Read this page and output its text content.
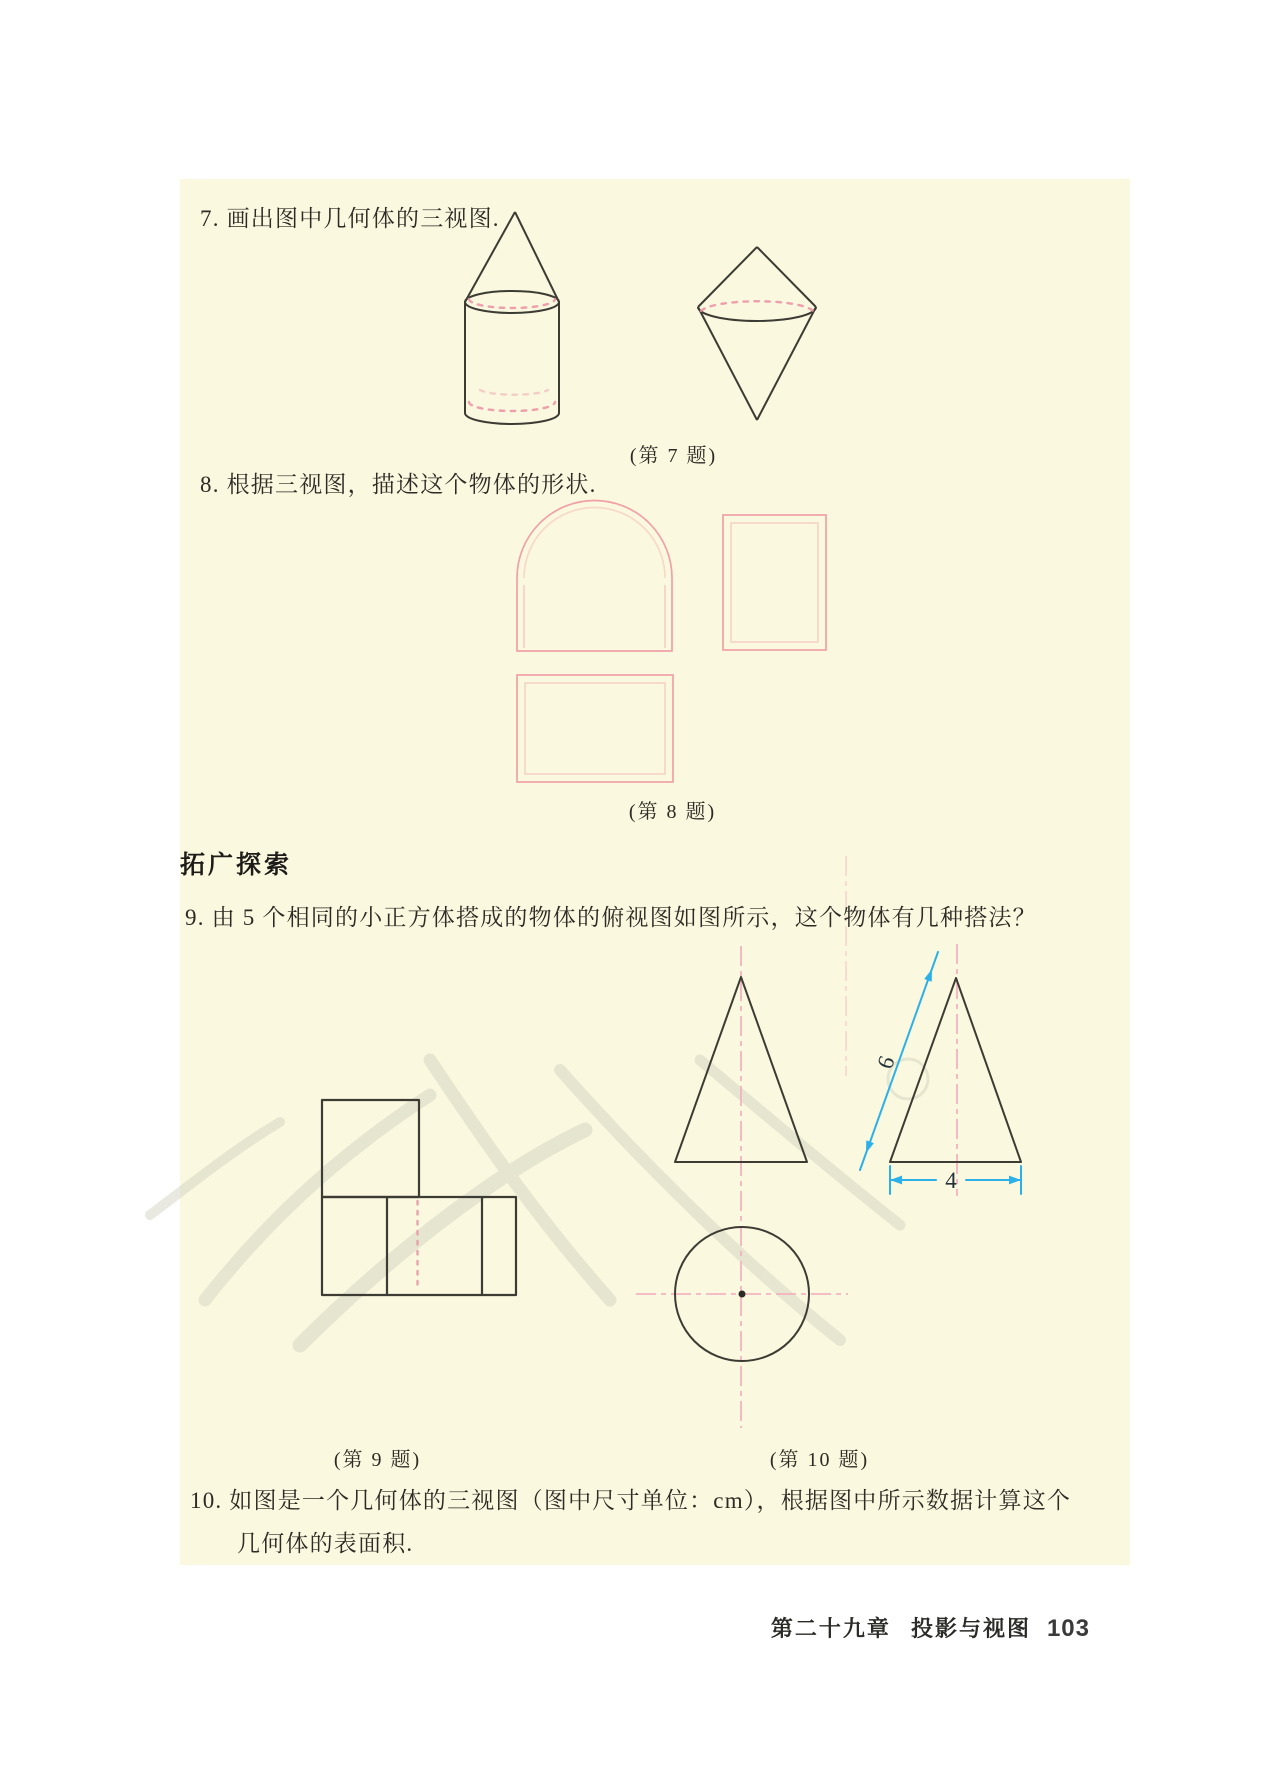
6
4
7. 画出图中几何体的三视图.
(第 7 题)
8. 根据三视图，描述这个物体的形状.
(第 8 题)
拓广探索
9. 由 5 个相同的小正方体搭成的物体的俯视图如图所示，这个物体有几种搭法？
(第 9 题)	(第 10 题)
10. 如图是一个几何体的三视图（图中尺寸单位：cm），根据图中所示数据计算这个
几何体的表面积.
第二十九章 投影与视图 103
